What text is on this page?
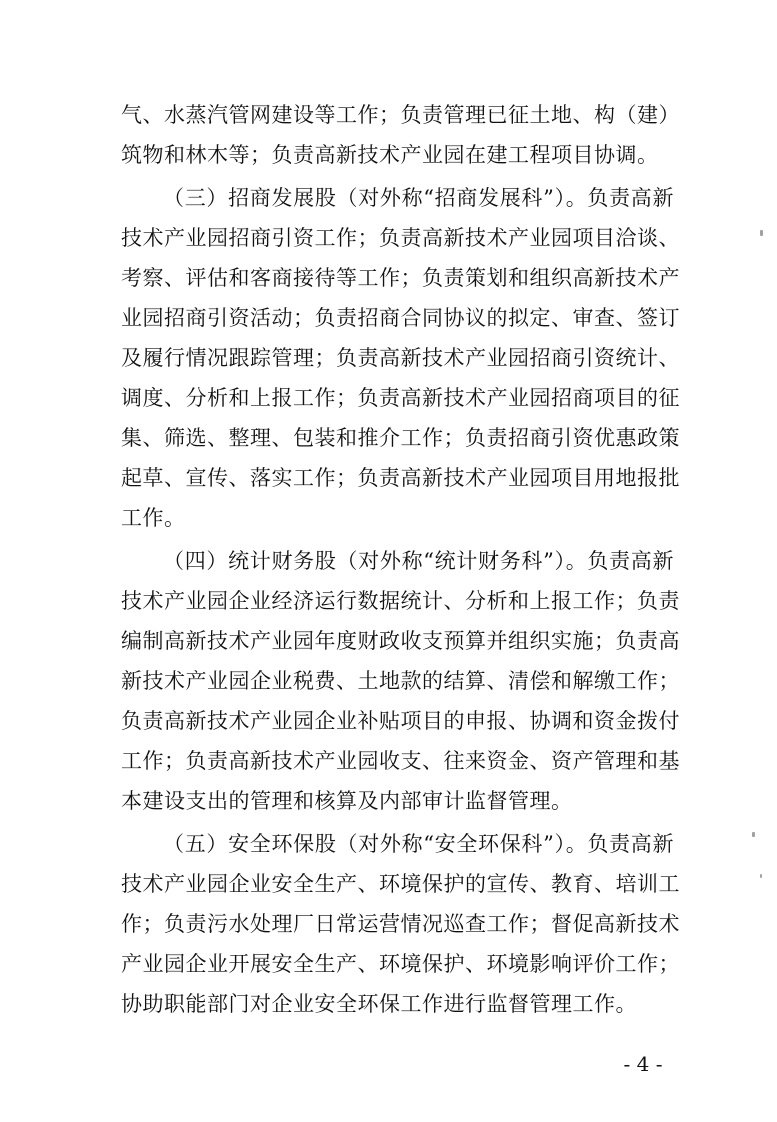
气、水蒸汽管网建设等工作；负责管理已征土地、构（建）
筑物和林木等；负责高新技术产业园在建工程项目协调。
（三）招商发展股（对外称“招商发展科”）。负责高新
技术产业园招商引资工作；负责高新技术产业园项目洽谈、
考察、评估和客商接待等工作；负责策划和组织高新技术产
业园招商引资活动；负责招商合同协议的拟定、审查、签订
及履行情况跟踪管理；负责高新技术产业园招商引资统计、
调度、分析和上报工作；负责高新技术产业园招商项目的征
集、筛选、整理、包装和推介工作；负责招商引资优惠政策
起草、宣传、落实工作；负责高新技术产业园项目用地报批
工作。
（四）统计财务股（对外称“统计财务科”）。负责高新
技术产业园企业经济运行数据统计、分析和上报工作；负责
编制高新技术产业园年度财政收支预算并组织实施；负责高
新技术产业园企业税费、土地款的结算、清偿和解缴工作；
负责高新技术产业园企业补贴项目的申报、协调和资金拨付
工作；负责高新技术产业园收支、往来资金、资产管理和基
本建设支出的管理和核算及内部审计监督管理。
（五）安全环保股（对外称“安全环保科”）。负责高新
技术产业园企业安全生产、环境保护的宣传、教育、培训工
作；负责污水处理厂日常运营情况巡查工作；督促高新技术
产业园企业开展安全生产、环境保护、环境影响评价工作；
协助职能部门对企业安全环保工作进行监督管理工作。
- 4 -
